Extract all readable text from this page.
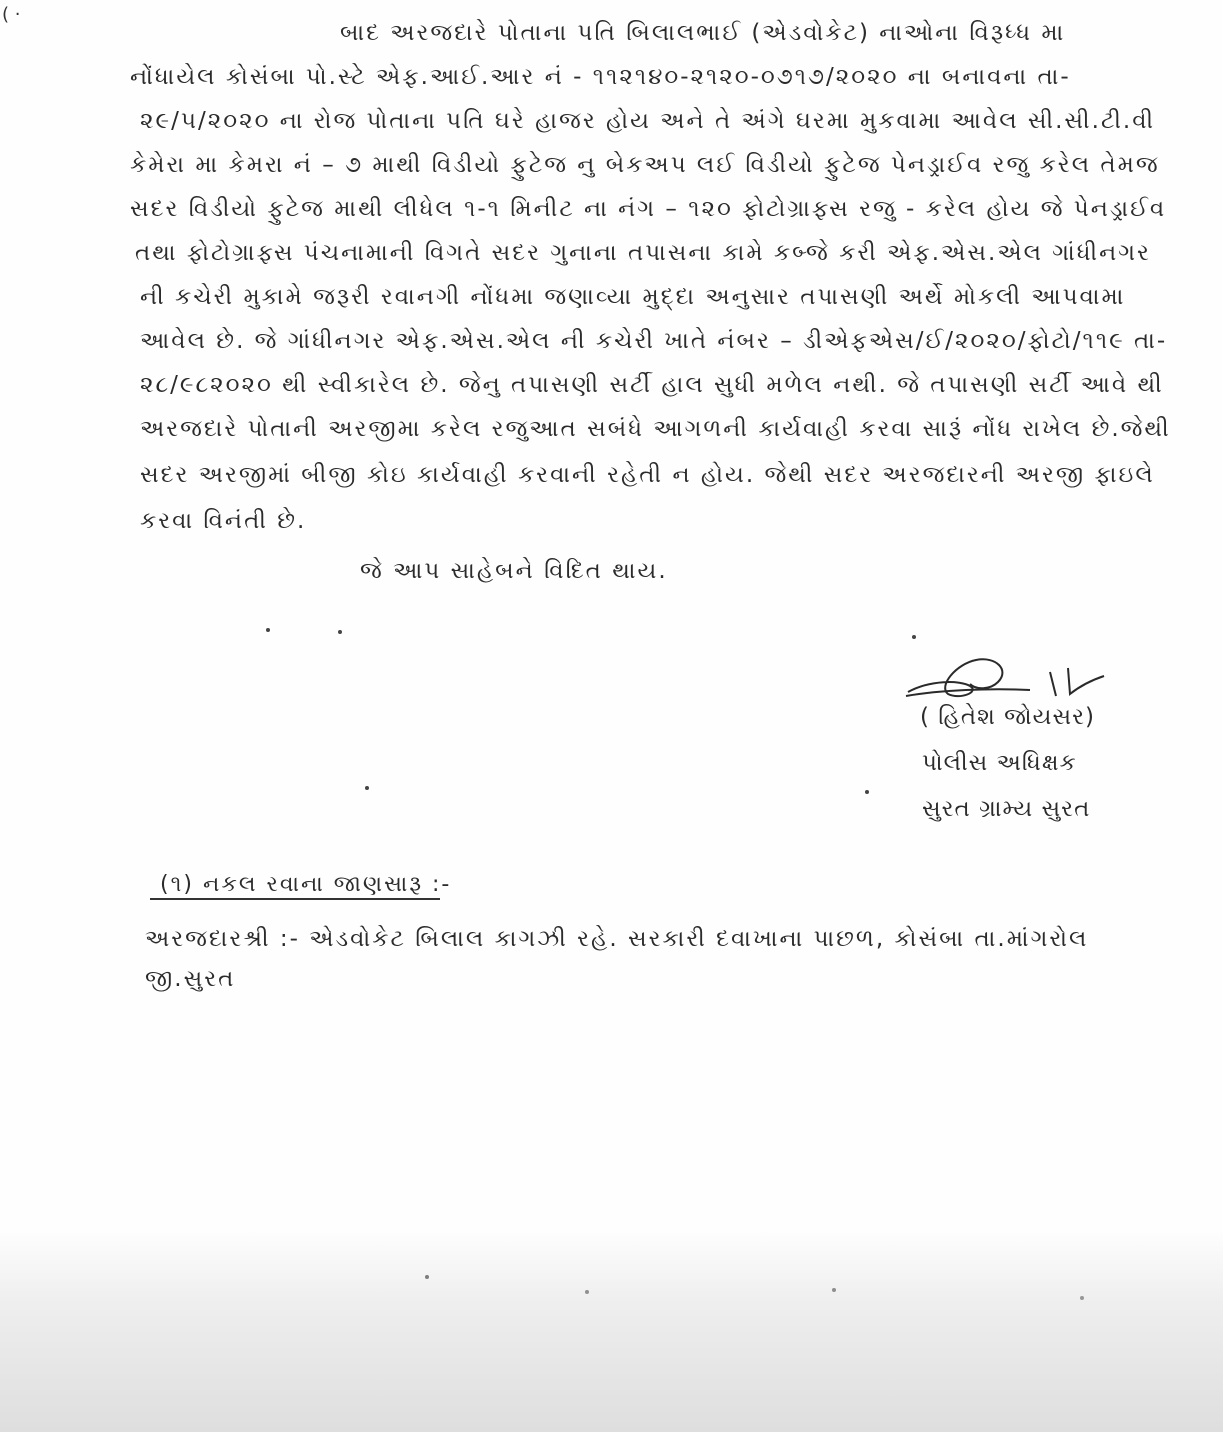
( ·
બાદ અરજદારે પોતાના પતિ બિલાલભાઈ (એડવોકેટ) નાઓના વિરૂધ્ધ મા
નોંધાયેલ કોસંબા પો.સ્ટે એફ.આઈ.આર નં - ૧૧૨૧૪૦-૨૧૨૦-૦૭૧૭/૨૦૨૦ ના બનાવના તા-
૨૯/૫/૨૦૨૦ ના રોજ પોતાના પતિ ઘરે હાજર હોય અને તે અંગે ઘરમા મુકવામા આવેલ સી.સી.ટી.વી
કેમેરા મા કેમરા નં – ૭ માથી વિડીયો ફુટેજ નુ બેકઅપ લઈ વિડીયો ફુટેજ પેનડ્રાઈવ રજુ કરેલ તેમજ
સદર વિડીયો ફુટેજ માથી લીધેલ ૧-૧ મિનીટ ના નંગ – ૧૨૦ ફોટોગ્રાફ્સ રજુ - કરેલ હોય જે પેનડ્રાઈવ
તથા ફોટોગ્રાફ્સ પંચનામાની વિગતે સદર ગુનાના તપાસના કામે કબ્જે કરી એફ.એસ.એલ ગાંધીનગર
ની કચેરી મુકામે જરૂરી રવાનગી નોંધમા જણાવ્યા મુદ્દા અનુસાર તપાસણી અર્થે મોકલી આપવામા
આવેલ છે. જે ગાંધીનગર એફ.એસ.એલ ની કચેરી ખાતે નંબર – ડીએફએસ/ઈ/૨૦૨૦/ફોટો/૧૧૯ તા-
૨૮/૯૮૨૦૨૦ થી સ્વીકારેલ છે. જેનુ તપાસણી સર્ટી હાલ સુધી મળેલ નથી. જે તપાસણી સર્ટી આવે થી
અરજદારે પોતાની અરજીમા કરેલ રજુઆત સબંધે આગળની કાર્યવાહી કરવા સારૂં નોંધ રાખેલ છે.જેથી
સદર અરજીમાં બીજી કોઇ કાર્યવાહી કરવાની રહેતી ન હોય. જેથી સદર અરજદારની અરજી ફાઇલે
કરવા વિનંતી છે.
જે આપ સાહેબને વિદિત થાય.
( હિતેશ જોયસર)
પોલીસ અધિક્ષક
સુરત ગ્રામ્ય સુરત
(૧) નકલ રવાના જાણસારૂ :-
અરજદારશ્રી :- એડવોકેટ બિલાલ કાગઝી રહે. સરકારી દવાખાના પાછળ, કોસંબા તા.માંગરોલ
જી.સુરત
